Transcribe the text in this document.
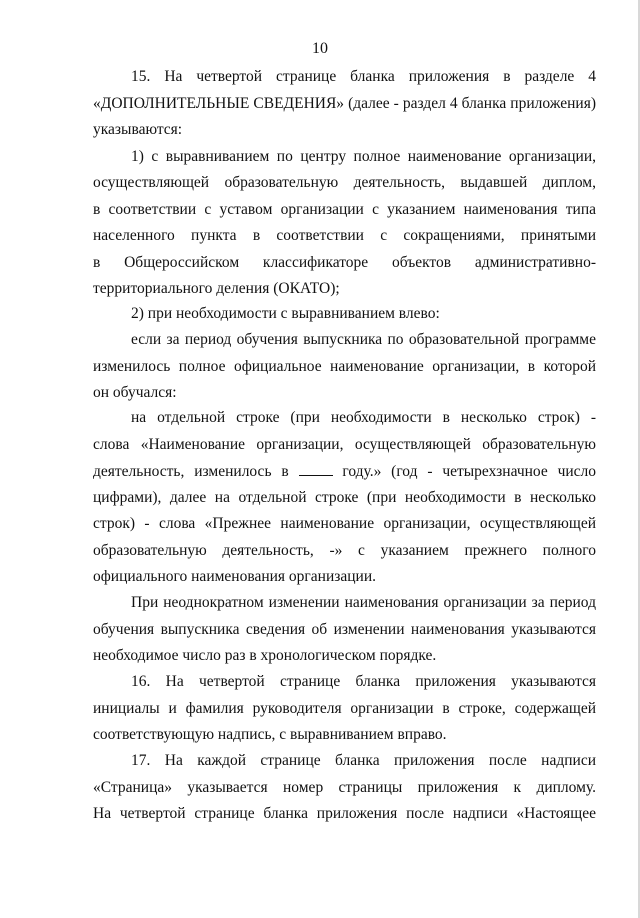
10
15. На четвертой странице бланка приложения в разделе 4
«ДОПОЛНИТЕЛЬНЫЕ СВЕДЕНИЯ» (далее - раздел 4 бланка приложения)
указываются:
1) с выравниванием по центру полное наименование организации,
осуществляющей образовательную деятельность, выдавшей диплом,
в соответствии с уставом организации с указанием наименования типа
населенного пункта в соответствии с сокращениями, принятыми
в Общероссийском классификаторе объектов административно-
территориального деления (ОКАТО);
2) при необходимости с выравниванием влево:
если за период обучения выпускника по образовательной программе
изменилось полное официальное наименование организации, в которой
он обучался:
на отдельной строке (при необходимости в несколько строк) -
слова «Наименование организации, осуществляющей образовательную
деятельность, изменилось в	году.» (год - четырехзначное число
цифрами), далее на отдельной строке (при необходимости в несколько
строк) - слова «Прежнее наименование организации, осуществляющей
образовательную деятельность, -» с указанием прежнего полного
официального наименования организации.
При неоднократном изменении наименования организации за период
обучения выпускника сведения об изменении наименования указываются
необходимое число раз в хронологическом порядке.
16. На четвертой странице бланка приложения указываются
инициалы и фамилия руководителя организации в строке, содержащей
соответствующую надпись, с выравниванием вправо.
17. На каждой странице бланка приложения после надписи
«Страница» указывается номер страницы приложения к диплому.
На четвертой странице бланка приложения после надписи «Настоящее
